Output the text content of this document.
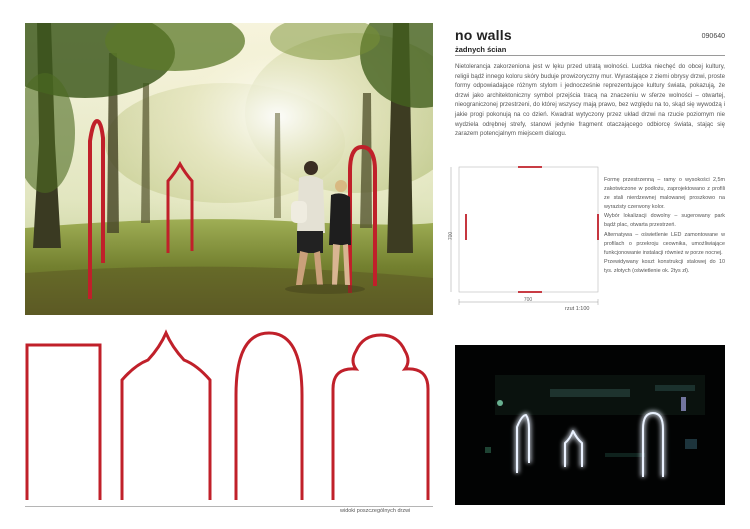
no walls	090640
żadnych ścian
Nietolerancja zakorzeniona jest w lęku przed utratą wolności. Ludzka niechęć do obcej kultury, religii bądź innego koloru skóry buduje prowizoryczny mur. Wyrastające z ziemi obrysy drzwi, proste formy odpowiadające różnym stylom i jednocześnie reprezentujące kultury świata, pokazują, że drzwi jako architektoniczny symbol przejścia tracą na znaczeniu w sferze wolności – otwartej, nieograniczonej przestrzeni, do której wszyscy mają prawo, bez względu na to, skąd się wywodzą i jakie progi pokonują na co dzień. Kwadrat wytyczony przez układ drzwi na rzucie poziomym nie wydziela odrębnej strefy, stanowi jedynie fragment otaczającego odbiorcę świata, stając się zarazem potencjalnym miejscem dialogu.
700
700
rzut 1:100

Formę przestrzenną – ramy o wysokości 2,5m zakotwiczone w podłożu, zaprojektowano z profili ze stali nierdzewnej malowanej proszkowo na wyrazisty czerwony kolor.

Wybór lokalizacji dowolny – sugerowany park bądź plac, otwarta przestrzeń.

Alternatywa – oświetlenie LED zamontowane w profilach o przekroju ceownika, umożliwiające funkcjonowanie instalacji również w porze nocnej.

Przewidywany koszt konstrukcji stalowej do 10 tys. złotych (oświetlenie ok. 2tys zł).

widoki poszczególnych drzwi
